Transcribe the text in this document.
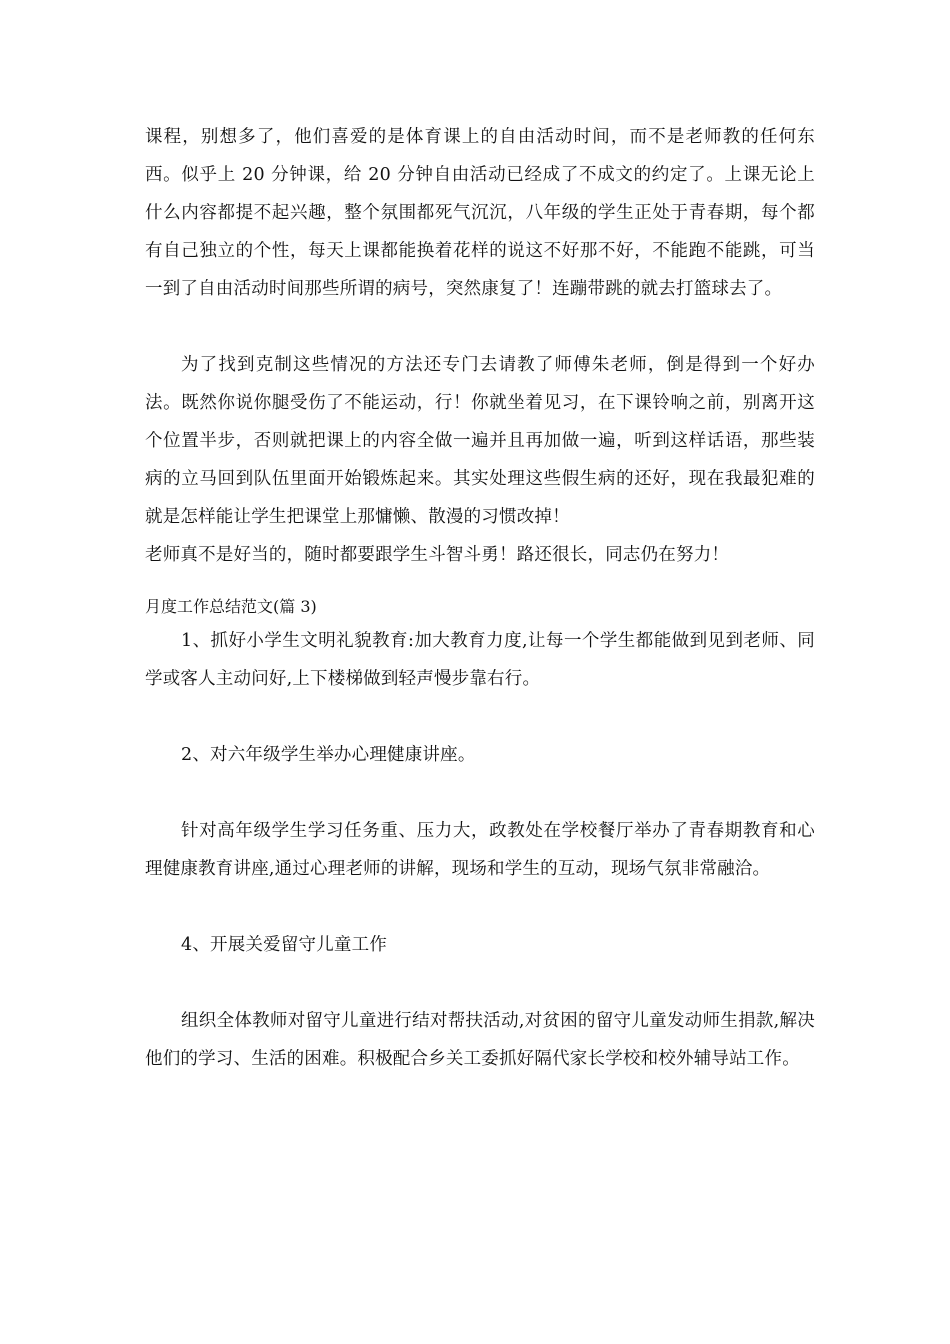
课程，别想多了，他们喜爱的是体育课上的自由活动时间，而不是老师教的任何东西。似乎上 20 分钟课，给 20 分钟自由活动已经成了不成文的约定了。上课无论上什么内容都提不起兴趣，整个氛围都死气沉沉，八年级的学生正处于青春期，每个都有自己独立的个性，每天上课都能换着花样的说这不好那不好，不能跑不能跳，可当一到了自由活动时间那些所谓的病号，突然康复了！连蹦带跳的就去打篮球去了。

为了找到克制这些情况的方法还专门去请教了师傅朱老师，倒是得到一个好办法。既然你说你腿受伤了不能运动，行！你就坐着见习，在下课铃响之前，别离开这个位置半步，否则就把课上的内容全做一遍并且再加做一遍，听到这样话语，那些装病的立马回到队伍里面开始锻炼起来。其实处理这些假生病的还好，现在我最犯难的就是怎样能让学生把课堂上那慵懒、散漫的习惯改掉！

老师真不是好当的，随时都要跟学生斗智斗勇！路还很长，同志仍在努力！

月度工作总结范文(篇 3)

1、抓好小学生文明礼貌教育:加大教育力度,让每一个学生都能做到见到老师、同学或客人主动问好,上下楼梯做到轻声慢步靠右行。

2、对六年级学生举办心理健康讲座。

针对高年级学生学习任务重、压力大，政教处在学校餐厅举办了青春期教育和心理健康教育讲座,通过心理老师的讲解，现场和学生的互动，现场气氛非常融洽。

4、开展关爱留守儿童工作

组织全体教师对留守儿童进行结对帮扶活动,对贫困的留守儿童发动师生捐款,解决他们的学习、生活的困难。积极配合乡关工委抓好隔代家长学校和校外辅导站工作。
